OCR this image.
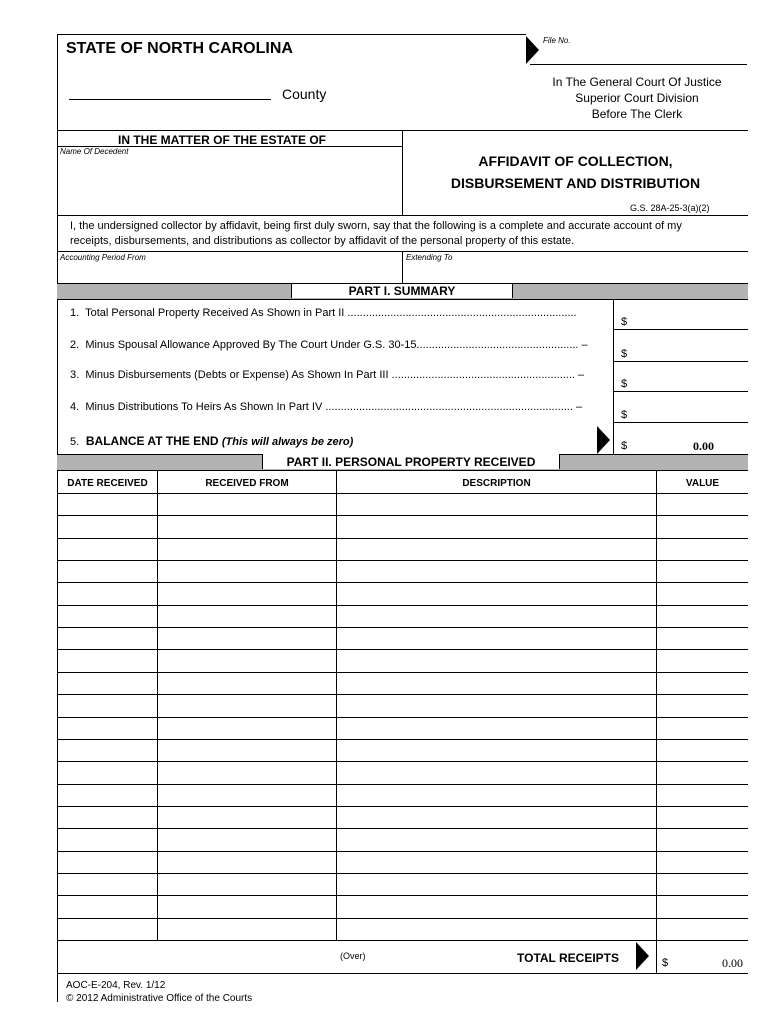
STATE OF NORTH CAROLINA
County
File No.
In The General Court Of Justice
Superior Court Division
Before The Clerk
IN THE MATTER OF THE ESTATE OF
Name Of Decedent
AFFIDAVIT OF COLLECTION,
DISBURSEMENT AND DISTRIBUTION
G.S. 28A-25-3(a)(2)
I, the undersigned collector by affidavit, being first duly sworn, say that the following is a complete and accurate account of my
receipts, disbursements, and distributions as collector by affidavit of the personal property of this estate.
Accounting Period From	Extending To
PART I. SUMMARY
1. Total Personal Property Received As Shown in Part II ...........................................................................
$
2. Minus Spousal Allowance Approved By The Court Under G.S. 30-15..................................................... –
$
3. Minus Disbursements (Debts or Expense) As Shown In Part III ............................................................ –
$
4. Minus Distributions To Heirs As Shown In Part IV ................................................................................. –
$
5. BALANCE AT THE END (This will always be zero)	$	0.00
PART II. PERSONAL PROPERTY RECEIVED
DATE RECEIVED	RECEIVED FROM	DESCRIPTION	VALUE
(Over)	TOTAL RECEIPTS	$	0.00
AOC-E-204, Rev. 1/12
© 2012 Administrative Office of the Courts
